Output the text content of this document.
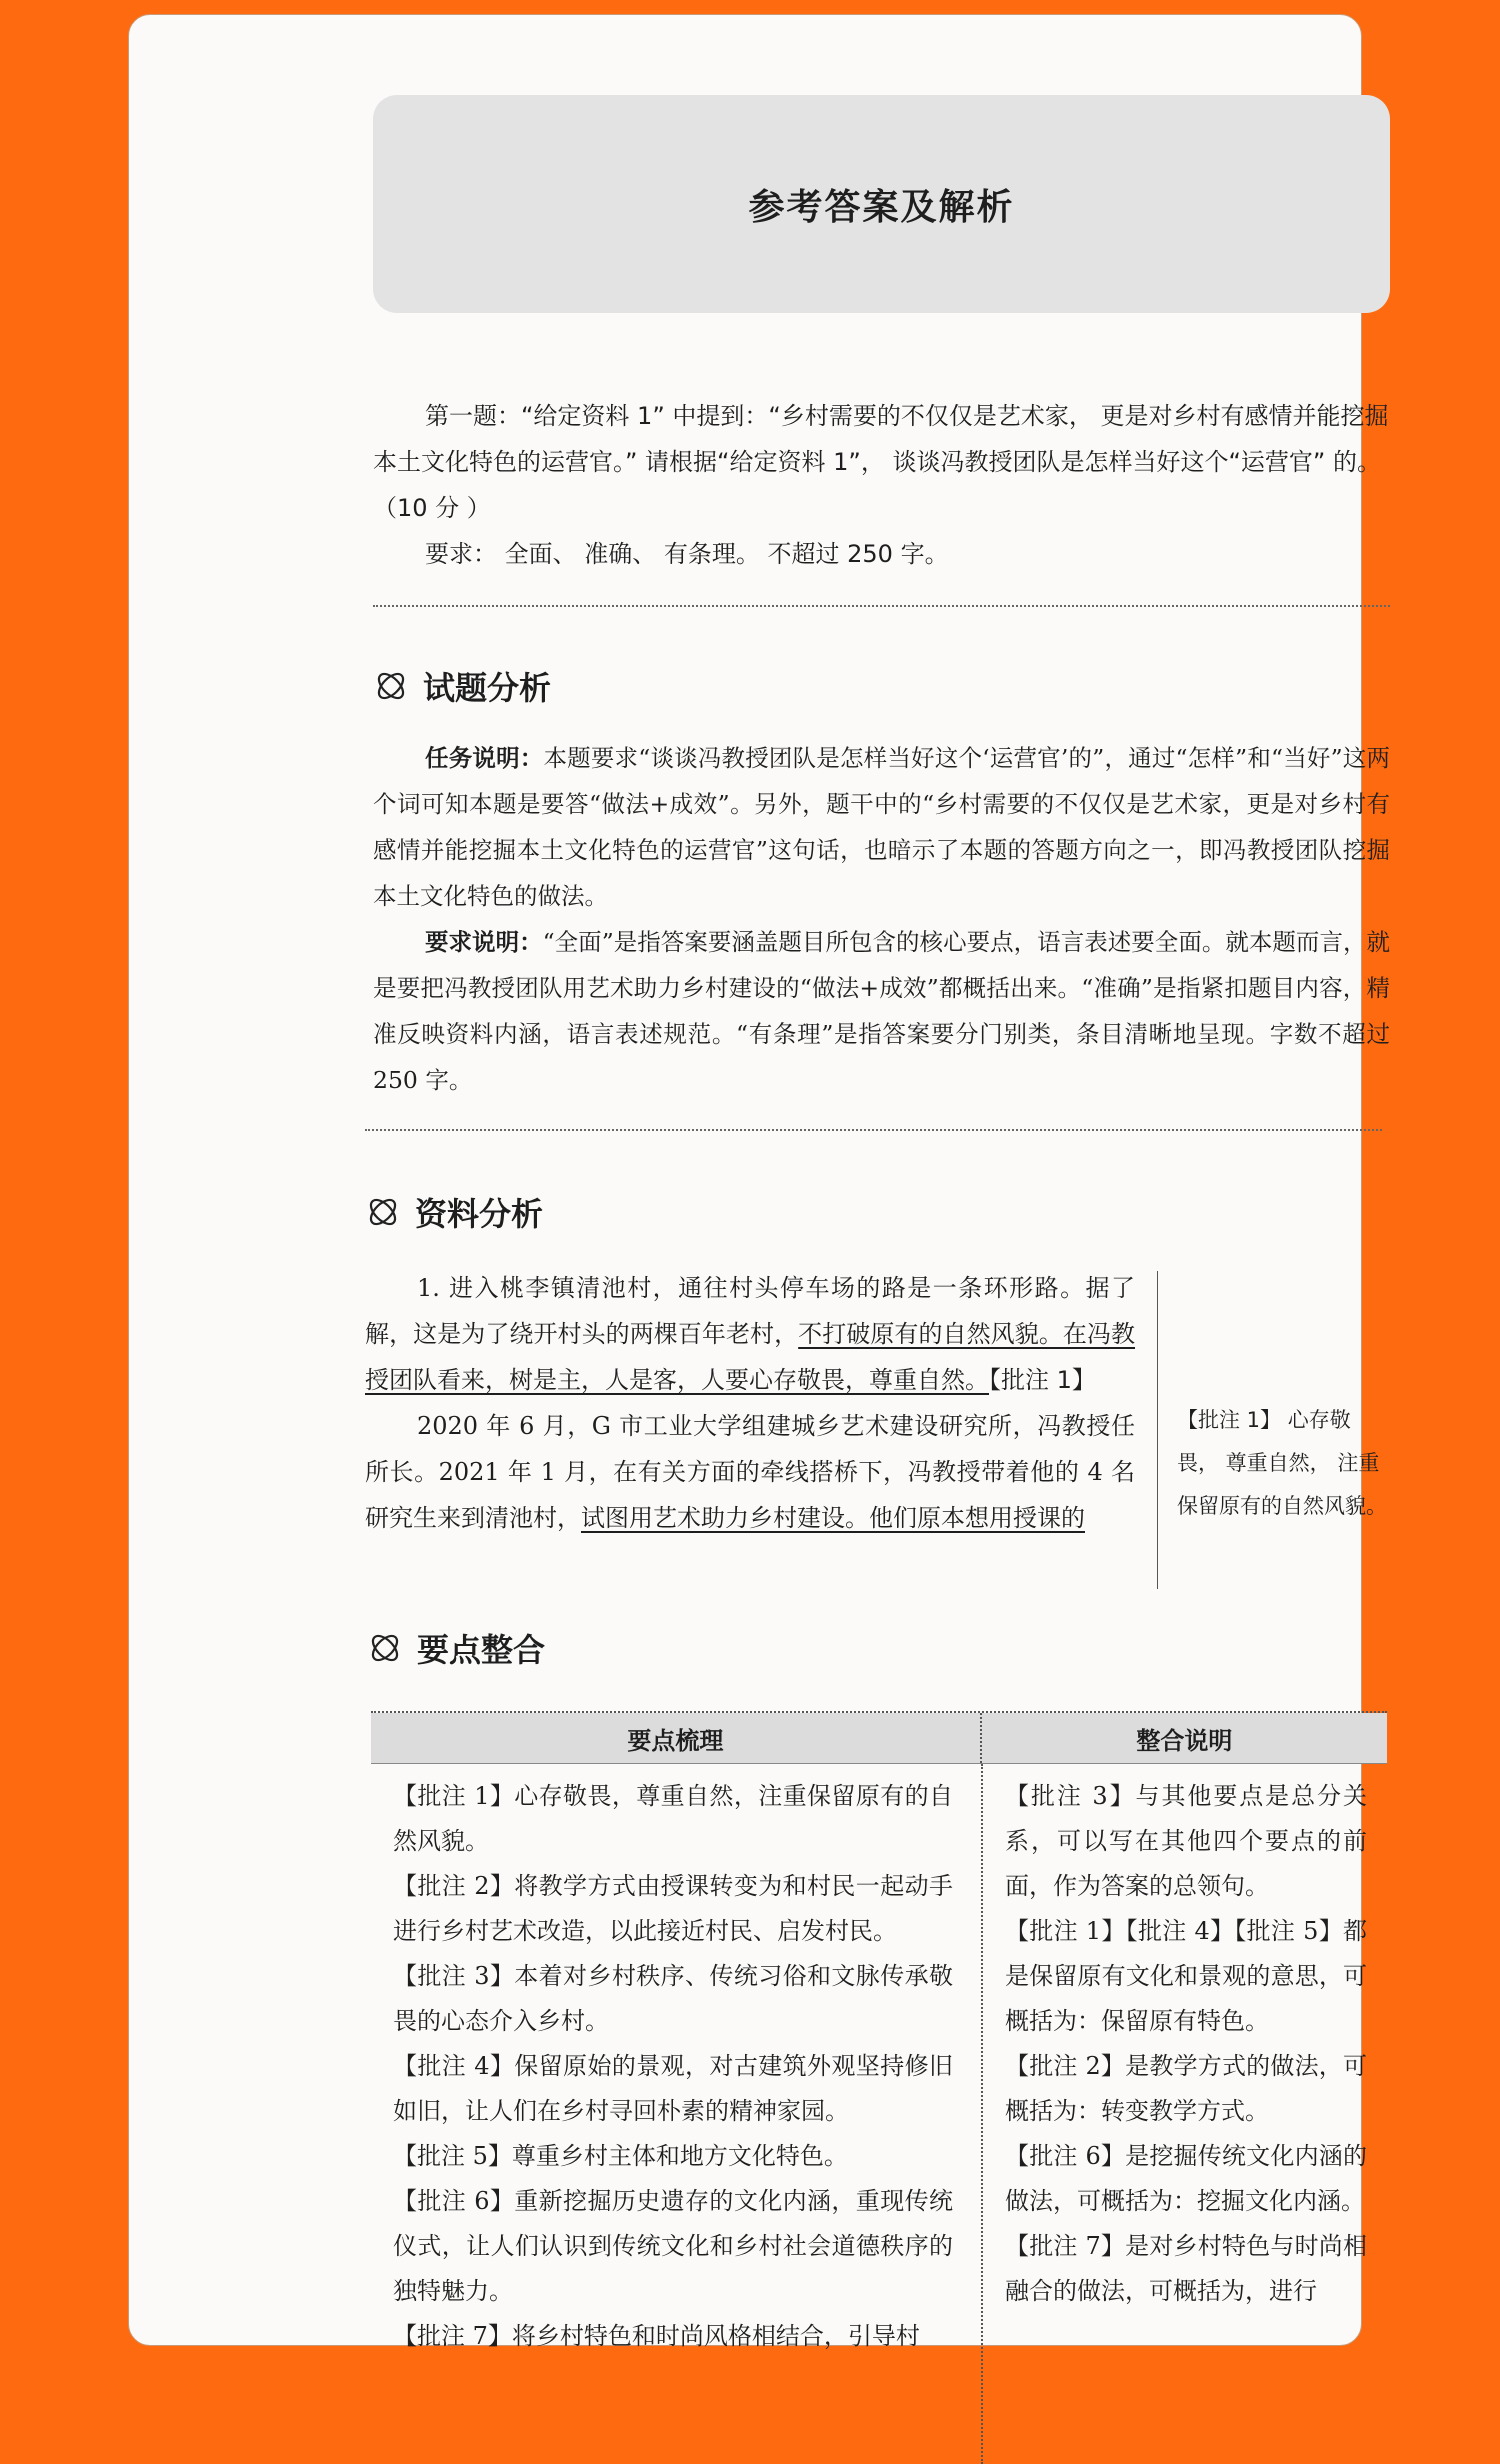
参考答案及解析

第一题：“给定资料 1” 中提到：“乡村需要的不仅仅是艺术家， 更是对乡村有感情并能挖掘本土文化特色的运营官。” 请根据“给定资料 1”， 谈谈冯教授团队是怎样当好这个“运营官” 的。（10 分 ）

要求： 全面、 准确、 有条理。 不超过 250 字。

试题分析

任务说明：本题要求“谈谈冯教授团队是怎样当好这个‘运营官’的”，通过“怎样”和“当好”这两个词可知本题是要答“做法+成效”。另外，题干中的“乡村需要的不仅仅是艺术家，更是对乡村有感情并能挖掘本土文化特色的运营官”这句话，也暗示了本题的答题方向之一，即冯教授团队挖掘本土文化特色的做法。

要求说明：“全面”是指答案要涵盖题目所包含的核心要点，语言表述要全面。就本题而言，就是要把冯教授团队用艺术助力乡村建设的“做法+成效”都概括出来。“准确”是指紧扣题目内容，精准反映资料内涵，语言表述规范。“有条理”是指答案要分门别类，条目清晰地呈现。字数不超过 250 字。

资料分析

1. 进入桃李镇清池村，通往村头停车场的路是一条环形路。据了解，这是为了绕开村头的两棵百年老村，不打破原有的自然风貌。在冯教授团队看来，树是主，人是客，人要心存敬畏，尊重自然。【批注 1】

2020 年 6 月，G 市工业大学组建城乡艺术建设研究所，冯教授任所长。2021 年 1 月，在有关方面的牵线搭桥下，冯教授带着他的 4 名研究生来到清池村，试图用艺术助力乡村建设。他们原本想用授课的

【批注 1】 心存敬畏， 尊重自然， 注重保留原有的自然风貌。
要点整合
要点梳理	整合说明

【批注 1】心存敬畏，尊重自然，注重保留原有的自然风貌。

【批注 2】将教学方式由授课转变为和村民一起动手进行乡村艺术改造，以此接近村民、启发村民。

【批注 3】本着对乡村秩序、传统习俗和文脉传承敬畏的心态介入乡村。

【批注 4】保留原始的景观，对古建筑外观坚持修旧如旧，让人们在乡村寻回朴素的精神家园。

【批注 5】尊重乡村主体和地方文化特色。

【批注 6】重新挖掘历史遗存的文化内涵，重现传统仪式，让人们认识到传统文化和乡村社会道德秩序的独特魅力。

【批注 7】将乡村特色和时尚风格相结合，引导村

【批注 3】与其他要点是总分关系，可以写在其他四个要点的前面，作为答案的总领句。

【批注 1】【批注 4】【批注 5】都是保留原有文化和景观的意思，可概括为：保留原有特色。

【批注 2】是教学方式的做法，可概括为：转变教学方式。

【批注 6】是挖掘传统文化内涵的做法，可概括为：挖掘文化内涵。

【批注 7】是对乡村特色与时尚相融合的做法，可概括为，进行
